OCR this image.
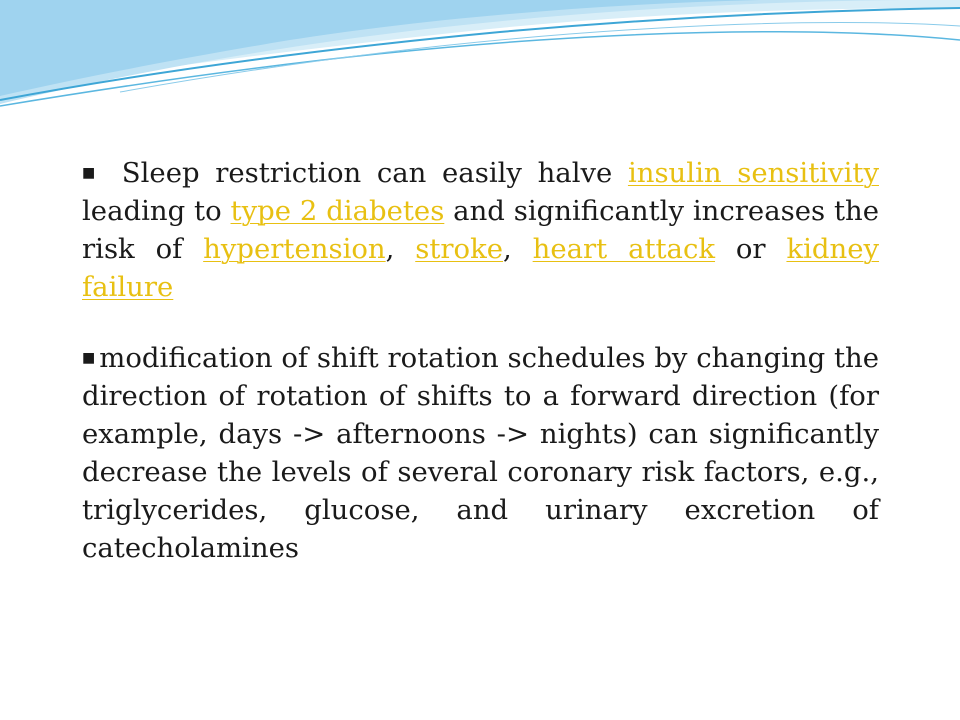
■ Sleep restriction can easily halve insulin sensitivity leading to type 2 diabetes and significantly increases the risk of hypertension, stroke, heart attack or kidney failure

■ modification of shift rotation schedules by changing the direction of rotation of shifts to a forward direction (for example, days -> afternoons -> nights) can significantly decrease the levels of several coronary risk factors, e.g., triglycerides, glucose, and urinary excretion of catecholamines
